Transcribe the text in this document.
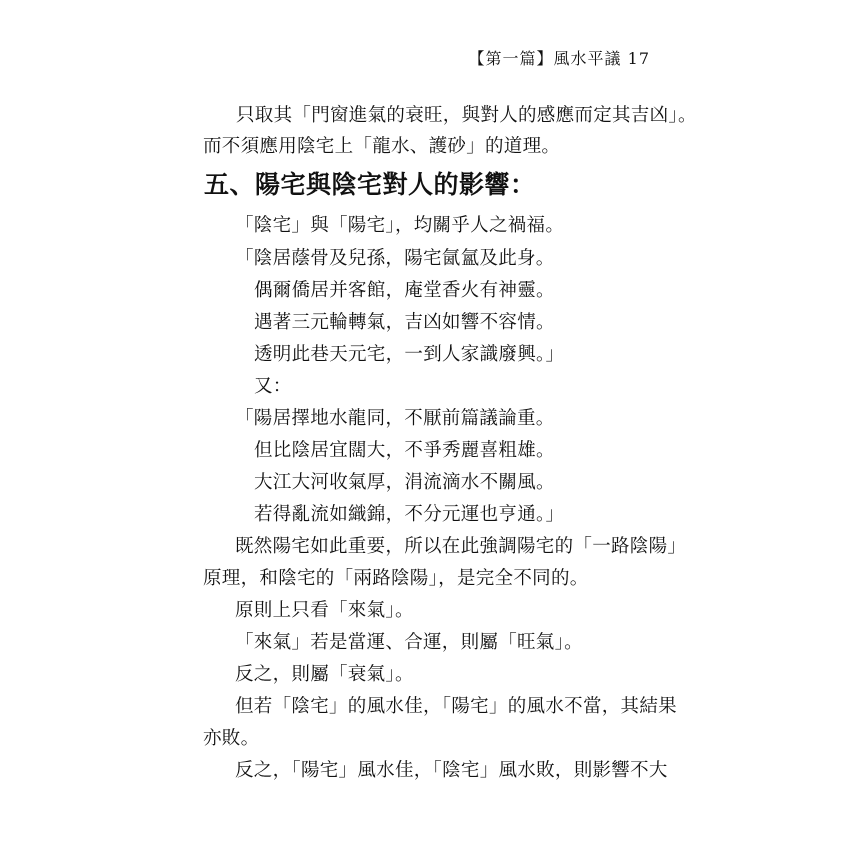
【第一篇】風水平議 17
只取其「門窗進氣的衰旺，與對人的感應而定其吉凶」。
而不須應用陰宅上「龍水、護砂」的道理。
五、陽宅與陰宅對人的影響：
「陰宅」與「陽宅」，均關乎人之禍福。
「陰居蔭骨及兒孫，陽宅氤氳及此身。
偶爾僑居并客館，庵堂香火有神靈。
遇著三元輪轉氣，吉凶如響不容情。
透明此巷天元宅，一到人家識廢興。」
又：
「陽居擇地水龍同，不厭前篇議論重。
但比陰居宜闊大，不爭秀麗喜粗雄。
大江大河收氣厚，涓流滴水不關風。
若得亂流如織錦，不分元運也亨通。」
既然陽宅如此重要，所以在此強調陽宅的「一路陰陽」
原理，和陰宅的「兩路陰陽」，是完全不同的。
原則上只看「來氣」。
「來氣」若是當運、合運，則屬「旺氣」。
反之，則屬「衰氣」。
但若「陰宅」的風水佳，「陽宅」的風水不當，其結果
亦敗。
反之，「陽宅」風水佳，「陰宅」風水敗，則影響不大
